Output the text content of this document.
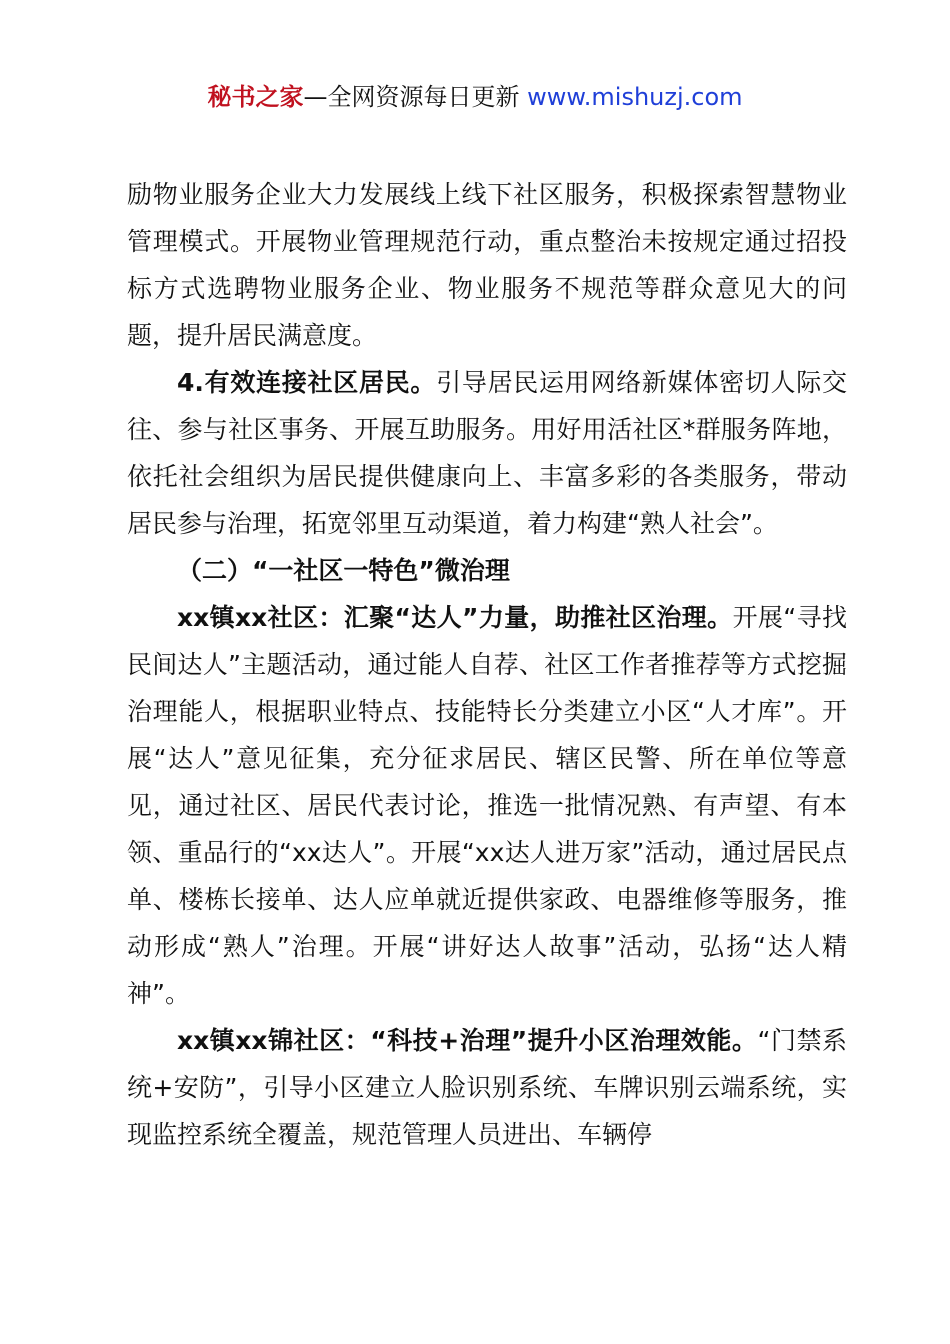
秘书之家—全网资源每日更新 www.mishuzj.com

励物业服务企业大力发展线上线下社区服务，积极探索智慧物业管理模式。开展物业管理规范行动，重点整治未按规定通过招投标方式选聘物业服务企业、物业服务不规范等群众意见大的问题，提升居民满意度。

4.有效连接社区居民。引导居民运用网络新媒体密切人际交往、参与社区事务、开展互助服务。用好用活社区*群服务阵地，依托社会组织为居民提供健康向上、丰富多彩的各类服务，带动居民参与治理，拓宽邻里互动渠道，着力构建“熟人社会”。

（二）“一社区一特色”微治理

xx镇xx社区：汇聚“达人”力量，助推社区治理。开展“寻找民间达人”主题活动，通过能人自荐、社区工作者推荐等方式挖掘治理能人，根据职业特点、技能特长分类建立小区“人才库”。开展“达人”意见征集，充分征求居民、辖区民警、所在单位等意见，通过社区、居民代表讨论，推选一批情况熟、有声望、有本领、重品行的“xx达人”。开展“xx达人进万家”活动，通过居民点单、楼栋长接单、达人应单就近提供家政、电器维修等服务，推动形成“熟人”治理。开展“讲好达人故事”活动，弘扬“达人精神”。

xx镇xx锦社区：“科技+治理”提升小区治理效能。“门禁系统+安防”，引导小区建立人脸识别系统、车牌识别云端系统，实现监控系统全覆盖，规范管理人员进出、车辆停
